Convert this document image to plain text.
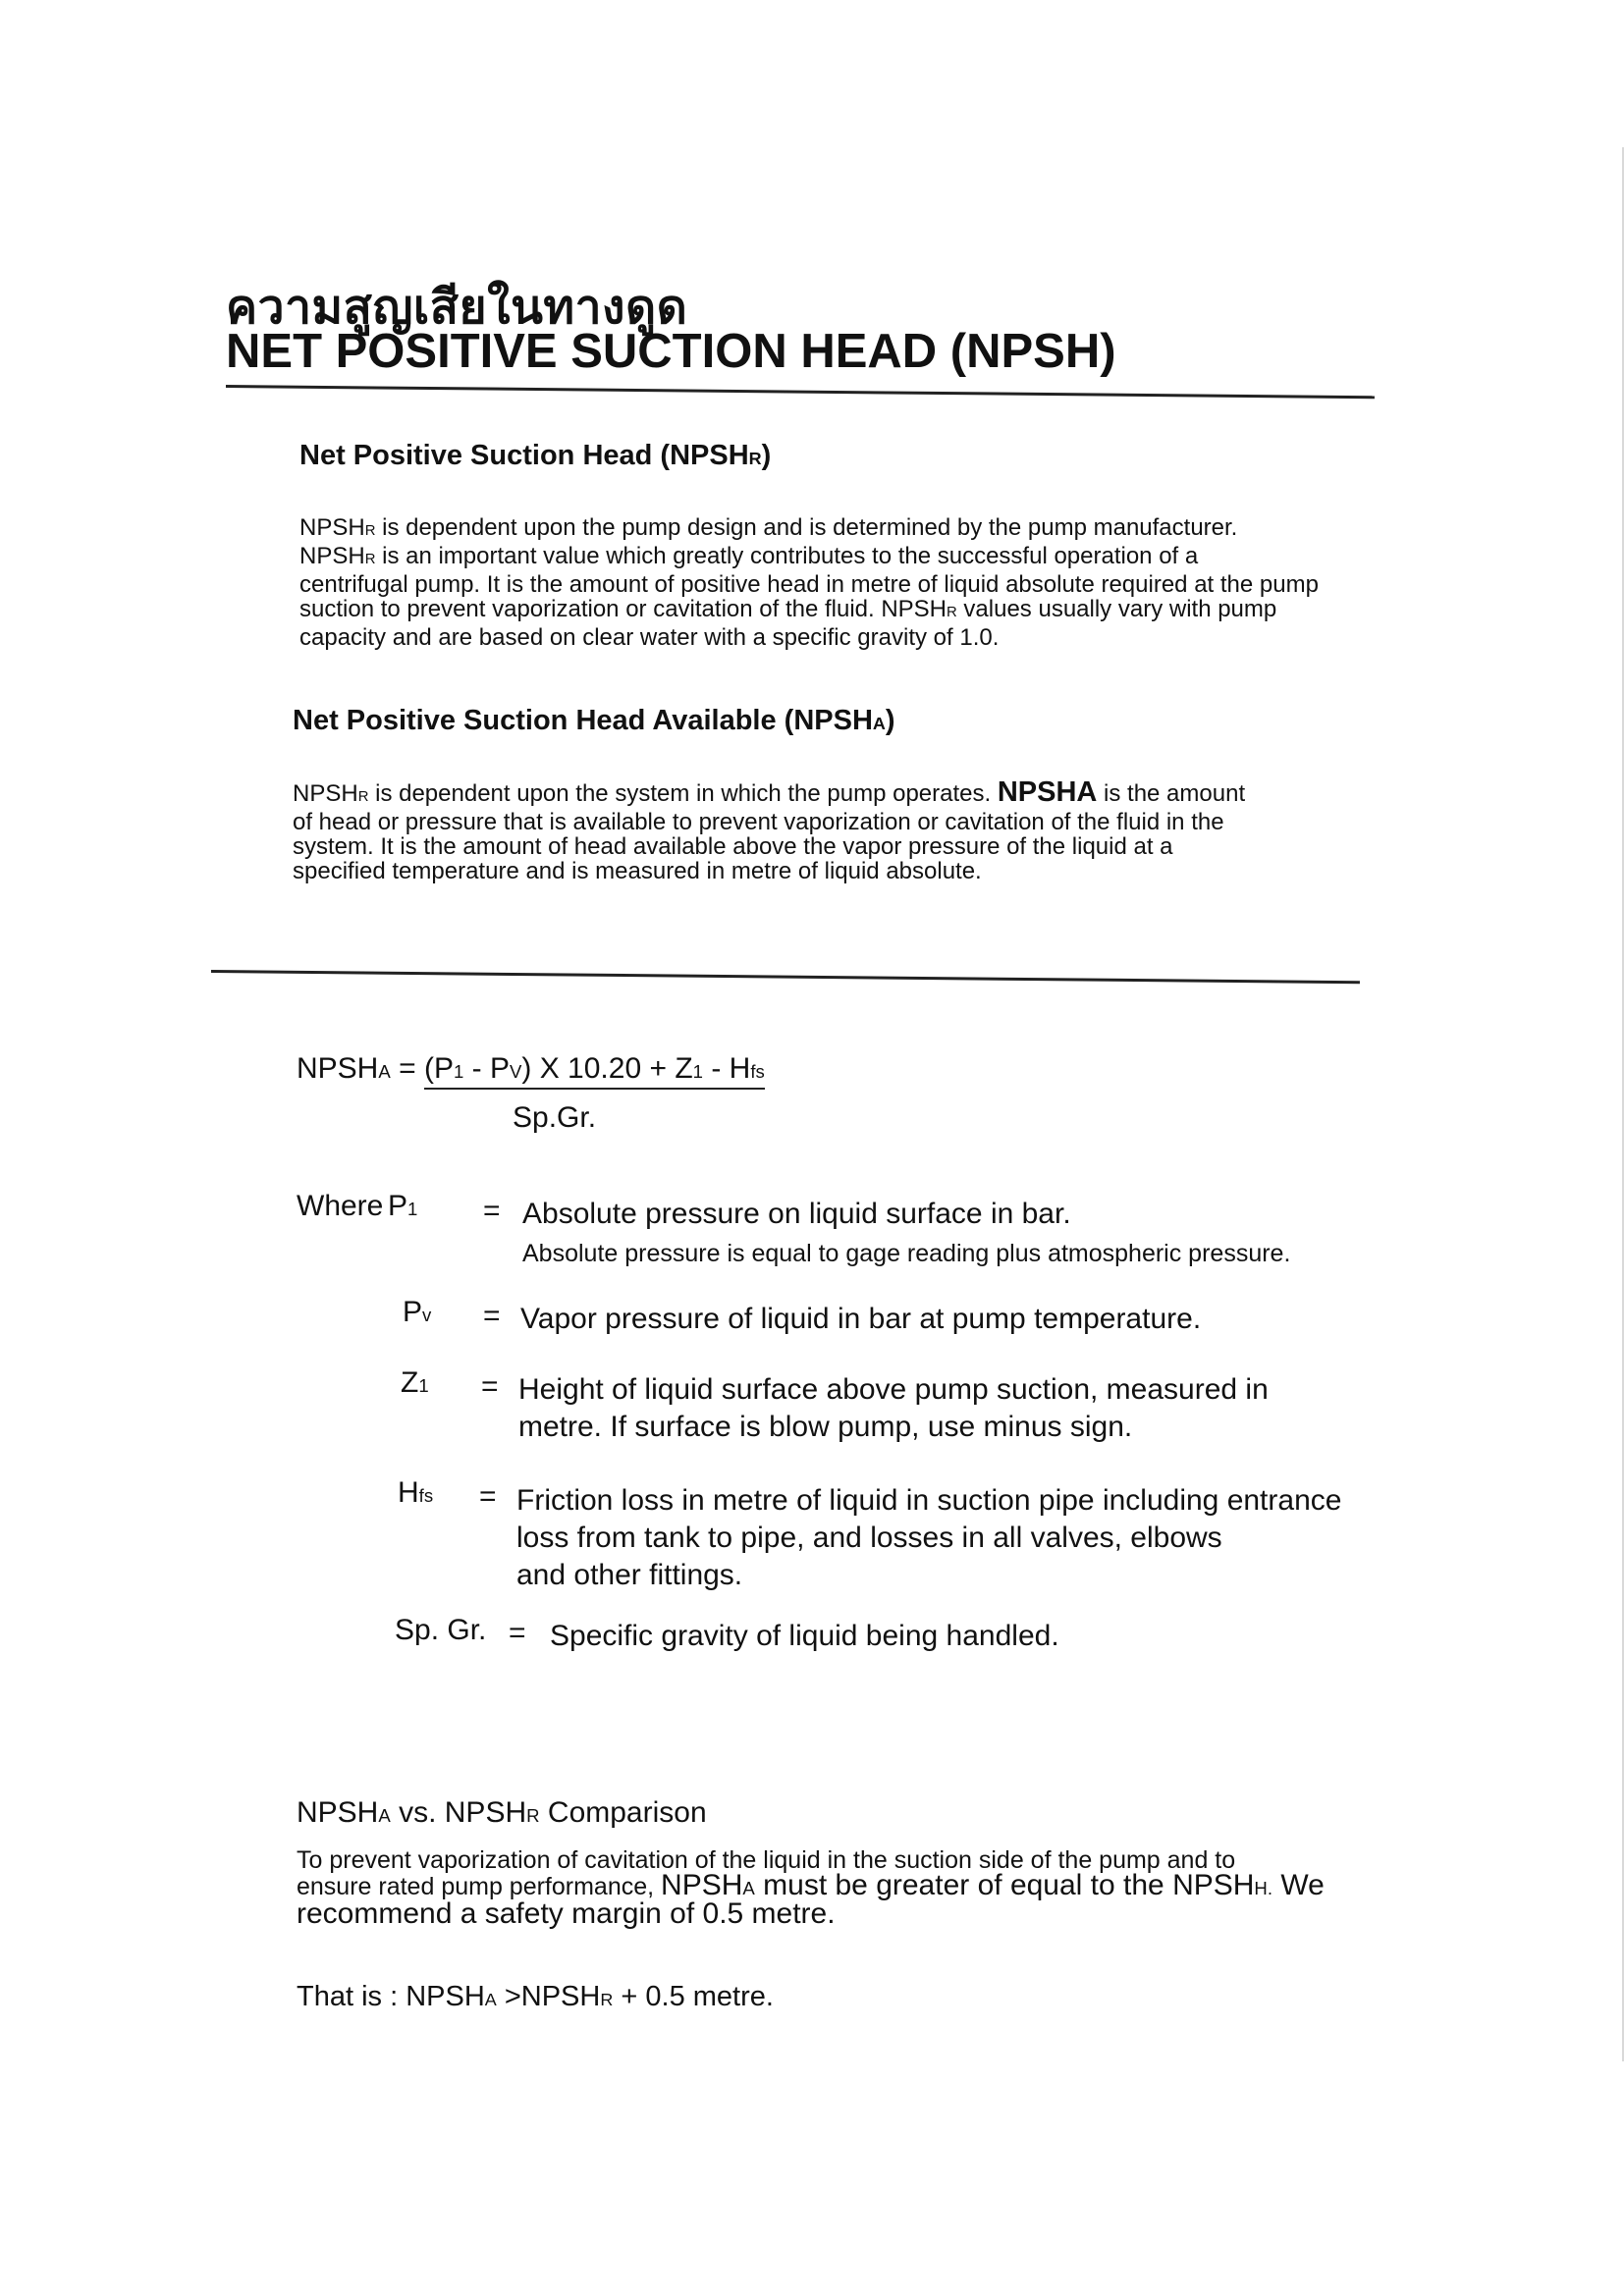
ความสูญเสียในทางดูด
NET POSITIVE SUCTION HEAD (NPSH)
Net Positive Suction Head (NPSHR)
NPSHR is dependent upon the pump design and is determined by the pump manufacturer.
NPSHR is an important value which greatly contributes to the successful operation of a
centrifugal pump. It is the amount of positive head in metre of liquid absolute required at the pump
suction to prevent vaporization or cavitation of the fluid. NPSHR values usually vary with pump
capacity and are based on clear water with a specific gravity of 1.0.
Net Positive Suction Head Available (NPSHA)
NPSHR is dependent upon the system in which the pump operates. NPSHA is the amount
of head or pressure that is available to prevent vaporization or cavitation of the fluid in the
system. It is the amount of head available above the vapor pressure of the liquid at a
specified temperature and is measured in metre of liquid absolute.
NPSHA = (P1 - PV) X 10.20 + Z1 - Hfs
Sp.Gr.
Where P1 = Absolute pressure on liquid surface in bar.
Absolute pressure is equal to gage reading plus atmospheric pressure.
Pv = Vapor pressure of liquid in bar at pump temperature.
Z1 = Height of liquid surface above pump suction, measured in
metre. If surface is blow pump, use minus sign.
Hfs = Friction loss in metre of liquid in suction pipe including entrance
loss from tank to pipe, and losses in all valves, elbows
and other fittings.
Sp. Gr. = Specific gravity of liquid being handled.
NPSHA vs. NPSHR Comparison
To prevent vaporization of cavitation of the liquid in the suction side of the pump and to
ensure rated pump performance, NPSHA must be greater of equal to the NPSHH. We
recommend a safety margin of 0.5 metre.
That is : NPSHA >NPSHR + 0.5 metre.
